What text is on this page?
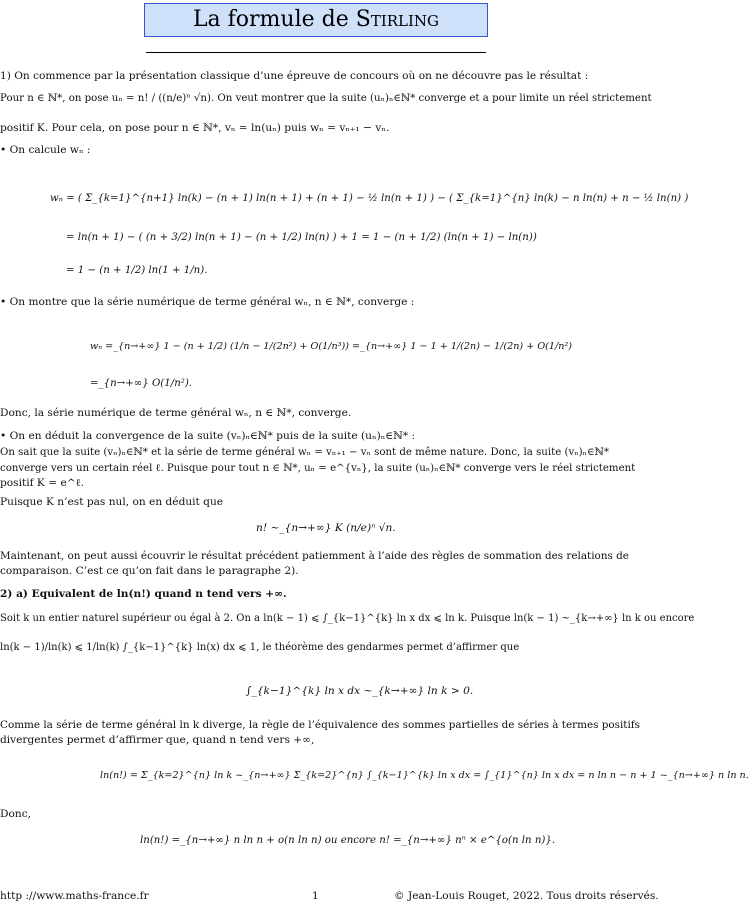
La formule de Stirling
1) On commence par la présentation classique d’une épreuve de concours où on ne découvre pas le résultat :
Pour n ∈ ℕ*, on pose uₙ = n! / ((n/e)ⁿ √n). On veut montrer que la suite (uₙ)ₙ∈ℕ* converge et a pour limite un réel strictement
positif K. Pour cela, on pose pour n ∈ ℕ*, vₙ = ln(uₙ) puis wₙ = vₙ₊₁ − vₙ.
• On calcule wₙ :
wₙ = ( Σ_{k=1}^{n+1} ln(k) − (n + 1) ln(n + 1) + (n + 1) − ½ ln(n + 1) ) − ( Σ_{k=1}^{n} ln(k) − n ln(n) + n − ½ ln(n) )
= ln(n + 1) − ( (n + 3/2) ln(n + 1) − (n + 1/2) ln(n) ) + 1 = 1 − (n + 1/2) (ln(n + 1) − ln(n))
= 1 − (n + 1/2) ln(1 + 1/n).
• On montre que la série numérique de terme général wₙ, n ∈ ℕ*, converge :
wₙ =_{n→+∞} 1 − (n + 1/2) (1/n − 1/(2n²) + O(1/n³)) =_{n→+∞} 1 − 1 + 1/(2n) − 1/(2n) + O(1/n²)
=_{n→+∞} O(1/n²).
Donc, la série numérique de terme général wₙ, n ∈ ℕ*, converge.
• On en déduit la convergence de la suite (vₙ)ₙ∈ℕ* puis de la suite (uₙ)ₙ∈ℕ* :
On sait que la suite (vₙ)ₙ∈ℕ* et la série de terme général wₙ = vₙ₊₁ − vₙ sont de même nature. Donc, la suite (vₙ)ₙ∈ℕ*
converge vers un certain réel ℓ. Puisque pour tout n ∈ ℕ*, uₙ = e^{vₙ}, la suite (uₙ)ₙ∈ℕ* converge vers le réel strictement
positif K = e^ℓ.
Puisque K n’est pas nul, on en déduit que
n! ~_{n→+∞} K (n/e)ⁿ √n.
Maintenant, on peut aussi écouvrir le résultat précédent patiemment à l’aide des règles de sommation des relations de
comparaison. C’est ce qu’on fait dans le paragraphe 2).
2) a) Equivalent de ln(n!) quand n tend vers +∞.
Soit k un entier naturel supérieur ou égal à 2. On a ln(k − 1) ⩽ ∫_{k−1}^{k} ln x dx ⩽ ln k. Puisque ln(k − 1) ~_{k→+∞} ln k ou encore
ln(k − 1)/ln(k) ⩽ 1/ln(k) ∫_{k−1}^{k} ln(x) dx ⩽ 1, le théorème des gendarmes permet d’affirmer que
∫_{k−1}^{k} ln x dx ~_{k→+∞} ln k > 0.
Comme la série de terme général ln k diverge, la règle de l’équivalence des sommes partielles de séries à termes positifs
divergentes permet d’affirmer que, quand n tend vers +∞,
ln(n!) = Σ_{k=2}^{n} ln k ~_{n→+∞} Σ_{k=2}^{n} ∫_{k−1}^{k} ln x dx = ∫_{1}^{n} ln x dx = n ln n − n + 1 ~_{n→+∞} n ln n.
Donc,
ln(n!) =_{n→+∞} n ln n + o(n ln n) ou encore n! =_{n→+∞} nⁿ × e^{o(n ln n)}.
http ://www.maths-france.fr	1	© Jean-Louis Rouget, 2022. Tous droits réservés.
